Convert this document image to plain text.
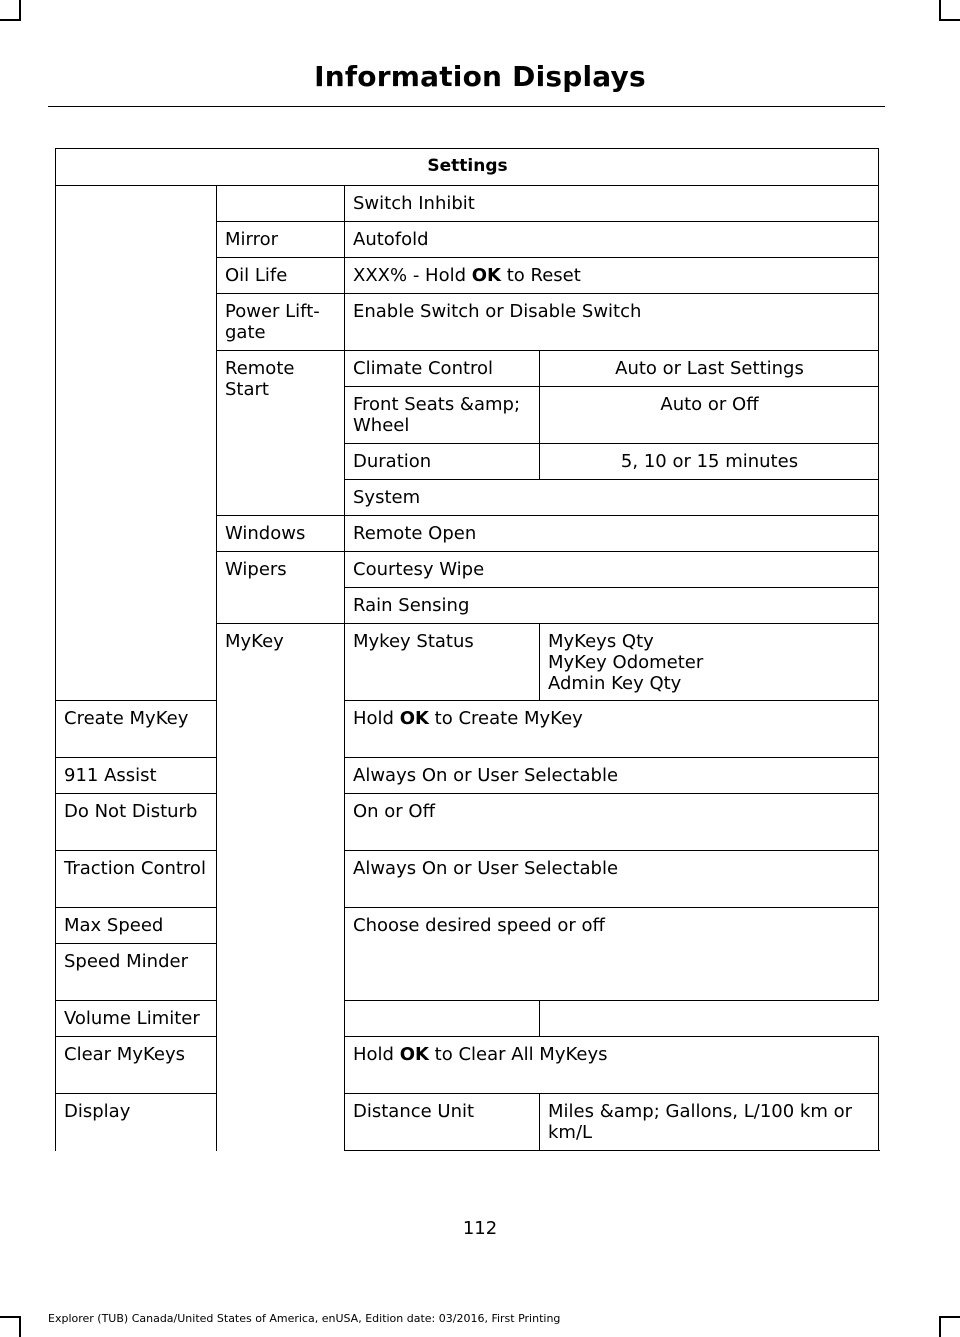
Information Displays
Settings			
		Switch Inhibit	
	Mirror	Autofold	
	Oil Life	XXX% - Hold OK to Reset	
	Power Lift-gate	Enable Switch or Disable Switch	
	Remote Start	Climate Control	Auto or Last Settings
		Front Seats &amp; Wheel	Auto or Off
		Duration	5, 10 or 15 minutes
		System	
	Windows	Remote Open	
	Wipers	Courtesy Wipe	
		Rain Sensing	
	MyKey	Mykey Status	MyKeys Qty
MyKey Odometer
Admin Key Qty

Create MyKey		Hold OK to Create MyKey	
911 Assist		Always On or User Selectable	
Do Not Disturb		On or Off	
Traction Control		Always On or User Selectable	
Max Speed		Choose desired speed or off	
Speed Minder			
Volume Limiter			
Clear MyKeys		Hold OK to Clear All MyKeys	
Display		Distance Unit	Miles &amp; Gallons, L/100 km or km/L
112
Explorer (TUB) Canada/United States of America, enUSA, Edition date: 03/2016, First Printing
